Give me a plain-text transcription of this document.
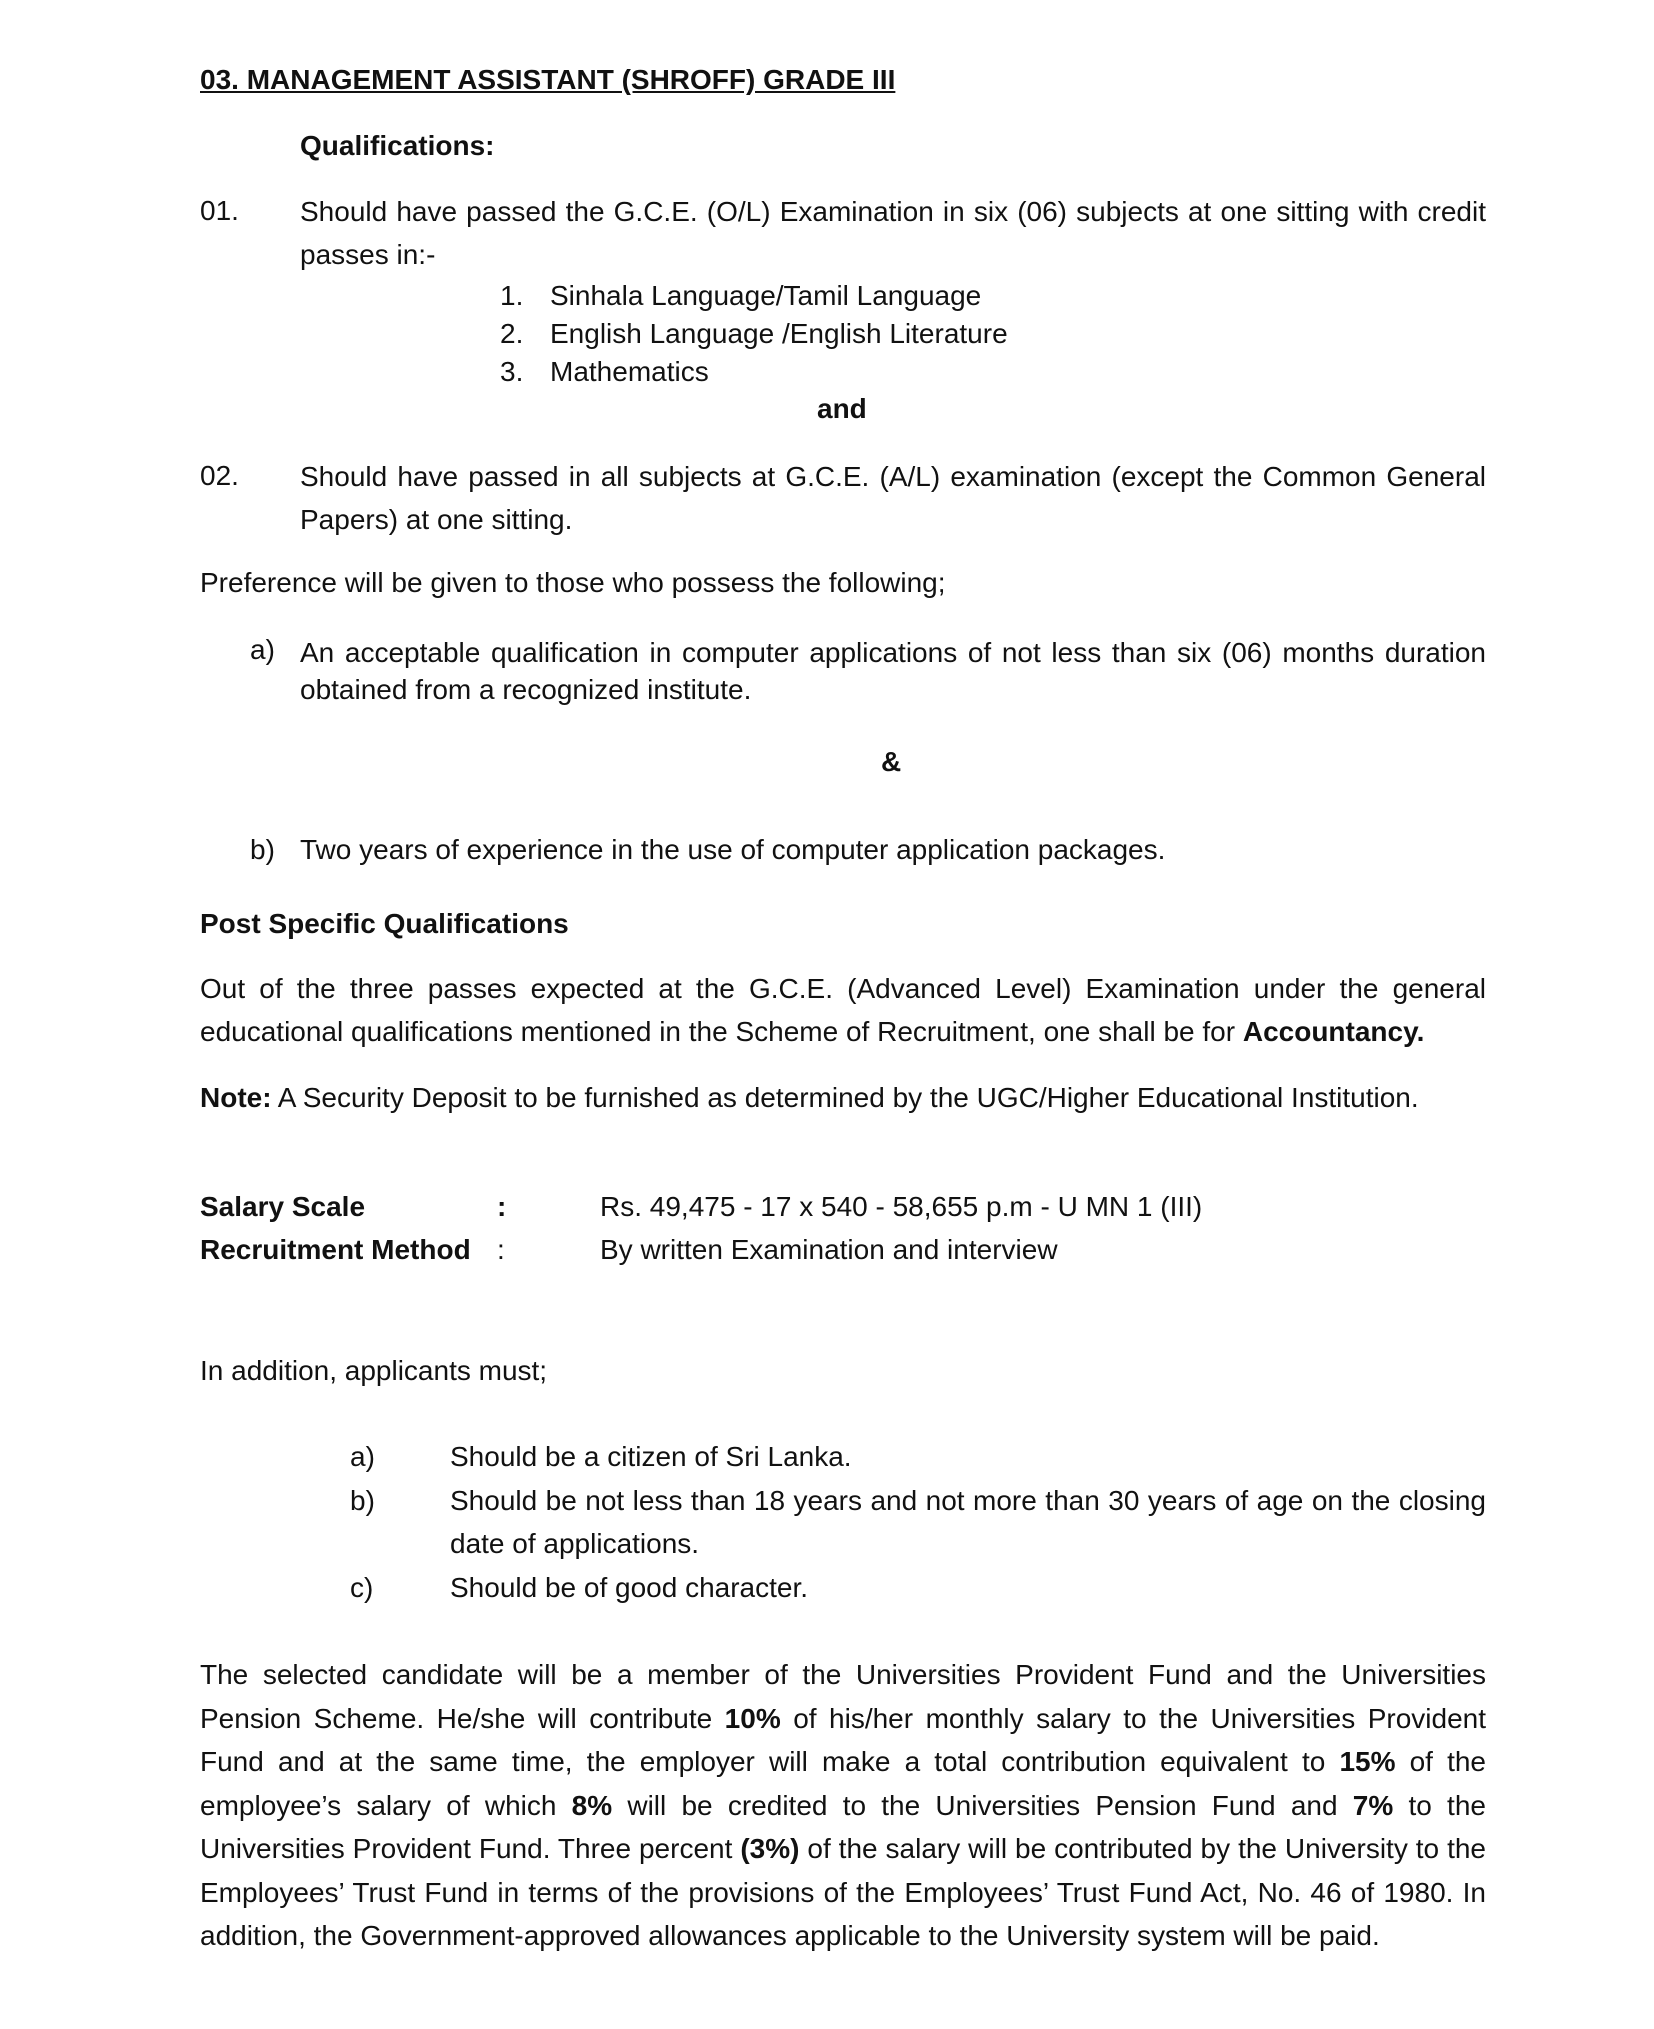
03. MANAGEMENT ASSISTANT (SHROFF) GRADE III
Qualifications:
01. Should have passed the G.C.E. (O/L) Examination in six (06) subjects at one sitting with credit passes in:-
1. Sinhala Language/Tamil Language
2. English Language /English Literature
3. Mathematics
and
02. Should have passed in all subjects at G.C.E. (A/L) examination (except the Common General Papers) at one sitting.
Preference will be given to those who possess the following;
a) An acceptable qualification in computer applications of not less than six (06) months duration obtained from a recognized institute.
&
b) Two years of experience in the use of computer application packages.
Post Specific Qualifications
Out of the three passes expected at the G.C.E. (Advanced Level) Examination under the general educational qualifications mentioned in the Scheme of Recruitment, one shall be for Accountancy.
Note: A Security Deposit to be furnished as determined by the UGC/Higher Educational Institution.
Salary Scale	:	Rs. 49,475 - 17 x 540 - 58,655 p.m - U MN 1 (III)
Recruitment Method :	By written Examination and interview
In addition, applicants must;
a)	Should be a citizen of Sri Lanka.
b)	Should be not less than 18 years and not more than 30 years of age on the closing date of applications.
c)	Should be of good character.
The selected candidate will be a member of the Universities Provident Fund and the Universities Pension Scheme. He/she will contribute 10% of his/her monthly salary to the Universities Provident Fund and at the same time, the employer will make a total contribution equivalent to 15% of the employee’s salary of which 8% will be credited to the Universities Pension Fund and 7% to the Universities Provident Fund. Three percent (3%) of the salary will be contributed by the University to the Employees’ Trust Fund in terms of the provisions of the Employees’ Trust Fund Act, No. 46 of 1980. In addition, the Government-approved allowances applicable to the University system will be paid.
